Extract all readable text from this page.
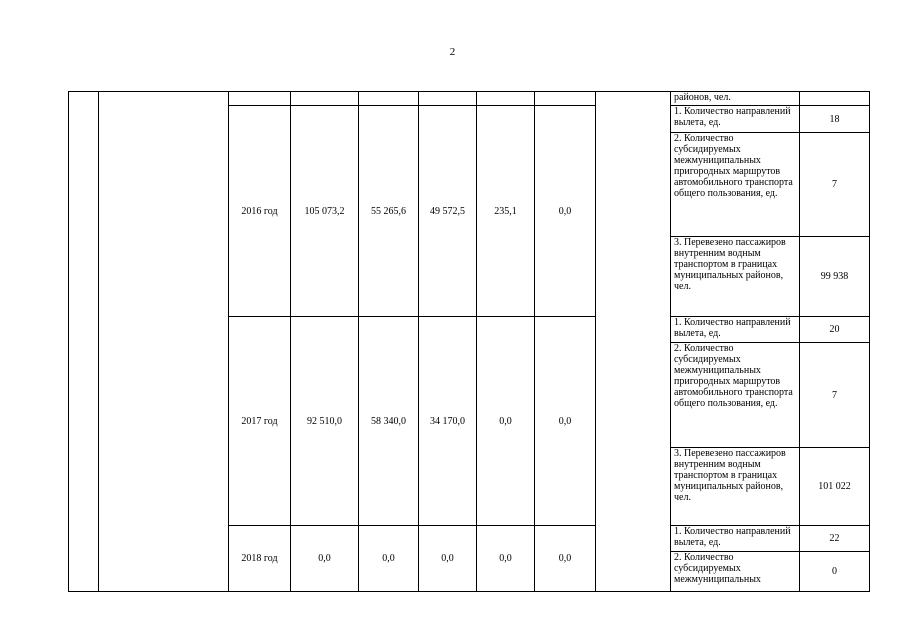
2
									районов, чел.	
		2016 год	105 073,2	55 265,6	49 572,5	235,1	0,0		1. Количество направлений вылета, ед.	18
									2. Количество субсидируемых межмуниципальных пригородных маршрутов автомобильного транспорта общего пользования, ед.	7
									3. Перевезено пассажиров внутренним водным транспортом в границах муниципальных районов, чел.	99 938
		2017 год	92 510,0	58 340,0	34 170,0	0,0	0,0		1. Количество направлений вылета, ед.	20
									2. Количество субсидируемых межмуниципальных пригородных маршрутов автомобильного транспорта общего пользования, ед.	7
									3. Перевезено пассажиров внутренним водным транспортом в границах муниципальных районов, чел.	101 022
		2018 год	0,0	0,0	0,0	0,0	0,0		1. Количество направлений вылета, ед.	22
									2. Количество субсидируемых межмуниципальных	0
